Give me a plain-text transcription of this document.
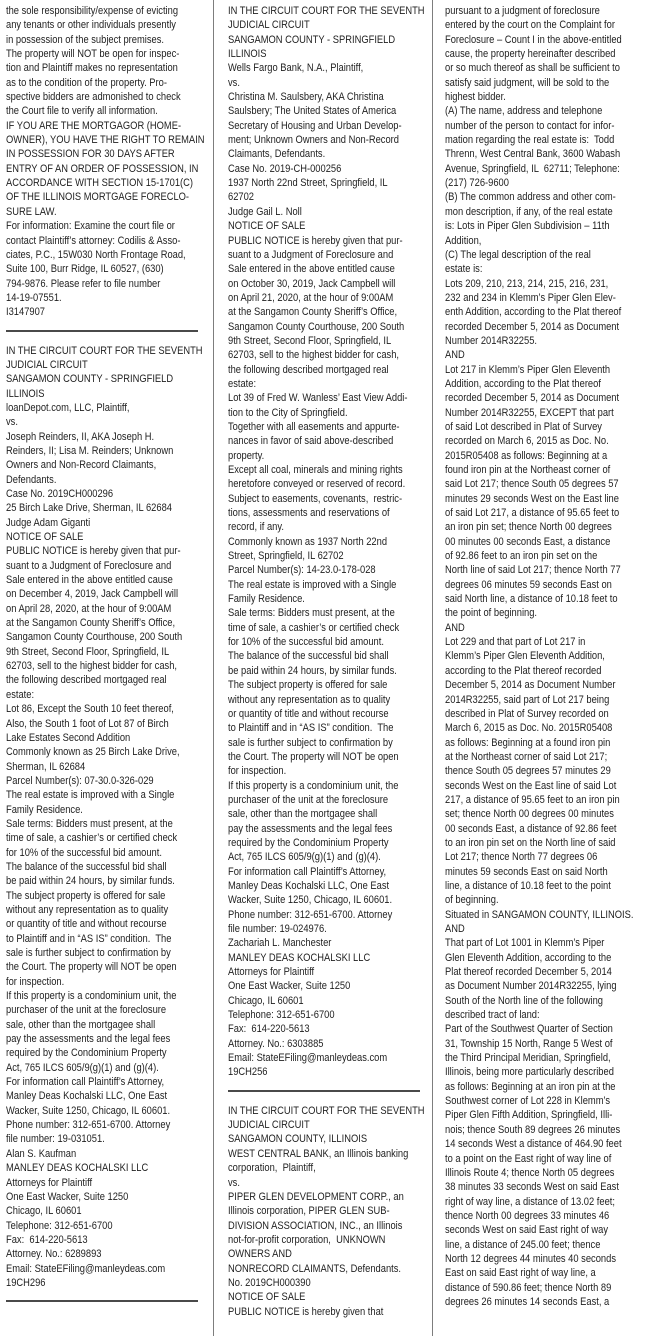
the sole responsibility/expense of evicting
any tenants or other individuals presently
in possession of the subject premises.
The property will NOT be open for inspec-
tion and Plaintiff makes no representation
as to the condition of the property. Pro-
spective bidders are admonished to check
the Court file to verify all information.
IF YOU ARE THE MORTGAGOR (HOME-
OWNER), YOU HAVE THE RIGHT TO REMAIN
IN POSSESSION FOR 30 DAYS AFTER
ENTRY OF AN ORDER OF POSSESSION, IN
ACCORDANCE WITH SECTION 15-1701(C)
OF THE ILLINOIS MORTGAGE FORECLO-
SURE LAW.
For information: Examine the court file or
contact Plaintiff’s attorney: Codilis & Asso-
ciates, P.C., 15W030 North Frontage Road,
Suite 100, Burr Ridge, IL 60527, (630)
794-9876. Please refer to file number
14-19-07551.
I3147907
IN THE CIRCUIT COURT FOR THE SEVENTH
JUDICIAL CIRCUIT
SANGAMON COUNTY - SPRINGFIELD
ILLINOIS
loanDepot.com, LLC, Plaintiff,
vs.
Joseph Reinders, II, AKA Joseph H.
Reinders, II; Lisa M. Reinders; Unknown
Owners and Non-Record Claimants,
Defendants.
Case No. 2019CH000296
25 Birch Lake Drive, Sherman, IL 62684
Judge Adam Giganti
NOTICE OF SALE
PUBLIC NOTICE is hereby given that pur-
suant to a Judgment of Foreclosure and
Sale entered in the above entitled cause
on December 4, 2019, Jack Campbell will
on April 28, 2020, at the hour of 9:00AM
at the Sangamon County Sheriff’s Office,
Sangamon County Courthouse, 200 South
9th Street, Second Floor, Springfield, IL
62703, sell to the highest bidder for cash,
the following described mortgaged real
estate:
Lot 86, Except the South 10 feet thereof,
Also, the South 1 foot of Lot 87 of Birch
Lake Estates Second Addition
Commonly known as 25 Birch Lake Drive,
Sherman, IL 62684
Parcel Number(s): 07-30.0-326-029
The real estate is improved with a Single
Family Residence.
Sale terms: Bidders must present, at the
time of sale, a cashier’s or certified check
for 10% of the successful bid amount.
The balance of the successful bid shall
be paid within 24 hours, by similar funds.
The subject property is offered for sale
without any representation as to quality
or quantity of title and without recourse
to Plaintiff and in “AS IS” condition.  The
sale is further subject to confirmation by
the Court. The property will NOT be open
for inspection.
If this property is a condominium unit, the
purchaser of the unit at the foreclosure
sale, other than the mortgagee shall
pay the assessments and the legal fees
required by the Condominium Property
Act, 765 ILCS 605/9(g)(1) and (g)(4).
For information call Plaintiff’s Attorney,
Manley Deas Kochalski LLC, One East
Wacker, Suite 1250, Chicago, IL 60601.
Phone number: 312-651-6700. Attorney
file number: 19-031051.
Alan S. Kaufman
MANLEY DEAS KOCHALSKI LLC
Attorneys for Plaintiff
One East Wacker, Suite 1250
Chicago, IL 60601
Telephone: 312-651-6700
Fax:  614-220-5613
Attorney. No.: 6289893
Email: StateEFiling@manleydeas.com
19CH296
IN THE CIRCUIT COURT FOR THE SEVENTH
JUDICIAL CIRCUIT
SANGAMON COUNTY - SPRINGFIELD
ILLINOIS
Wells Fargo Bank, N.A., Plaintiff,
vs.
Christina M. Saulsbery, AKA Christina
Saulsbery; The United States of America
Secretary of Housing and Urban Develop-
ment; Unknown Owners and Non-Record
Claimants, Defendants.
Case No. 2019-CH-000256
1937 North 22nd Street, Springfield, IL
62702
Judge Gail L. Noll
NOTICE OF SALE
PUBLIC NOTICE is hereby given that pur-
suant to a Judgment of Foreclosure and
Sale entered in the above entitled cause
on October 30, 2019, Jack Campbell will
on April 21, 2020, at the hour of 9:00AM
at the Sangamon County Sheriff’s Office,
Sangamon County Courthouse, 200 South
9th Street, Second Floor, Springfield, IL
62703, sell to the highest bidder for cash,
the following described mortgaged real
estate:
Lot 39 of Fred W. Wanless’ East View Addi-
tion to the City of Springfield.
Together with all easements and appurte-
nances in favor of said above-described
property.
Except all coal, minerals and mining rights
heretofore conveyed or reserved of record.
Subject to easements, covenants,  restric-
tions, assessments and reservations of
record, if any.
Commonly known as 1937 North 22nd
Street, Springfield, IL 62702
Parcel Number(s): 14-23.0-178-028
The real estate is improved with a Single
Family Residence.
Sale terms: Bidders must present, at the
time of sale, a cashier’s or certified check
for 10% of the successful bid amount.
The balance of the successful bid shall
be paid within 24 hours, by similar funds.
The subject property is offered for sale
without any representation as to quality
or quantity of title and without recourse
to Plaintiff and in “AS IS” condition.  The
sale is further subject to confirmation by
the Court. The property will NOT be open
for inspection.
If this property is a condominium unit, the
purchaser of the unit at the foreclosure
sale, other than the mortgagee shall
pay the assessments and the legal fees
required by the Condominium Property
Act, 765 ILCS 605/9(g)(1) and (g)(4).
For information call Plaintiff’s Attorney,
Manley Deas Kochalski LLC, One East
Wacker, Suite 1250, Chicago, IL 60601.
Phone number: 312-651-6700. Attorney
file number: 19-024976.
Zachariah L. Manchester
MANLEY DEAS KOCHALSKI LLC
Attorneys for Plaintiff
One East Wacker, Suite 1250
Chicago, IL 60601
Telephone: 312-651-6700
Fax:  614-220-5613
Attorney. No.: 6303885
Email: StateEFiling@manleydeas.com
19CH256
IN THE CIRCUIT COURT FOR THE SEVENTH
JUDICIAL CIRCUIT
SANGAMON COUNTY, ILLINOIS
WEST CENTRAL BANK, an Illinois banking
corporation,  Plaintiff,
vs.
PIPER GLEN DEVELOPMENT CORP., an
Illinois corporation, PIPER GLEN SUB-
DIVISION ASSOCIATION, INC., an Illinois
not-for-profit corporation,  UNKNOWN
OWNERS AND
NONRECORD CLAIMANTS, Defendants.
No. 2019CH000390
NOTICE OF SALE
PUBLIC NOTICE is hereby given that
pursuant to a judgment of foreclosure
entered by the court on the Complaint for
Foreclosure – Count I in the above-entitled
cause, the property hereinafter described
or so much thereof as shall be sufficient to
satisfy said judgment, will be sold to the
highest bidder.
(A) The name, address and telephone
number of the person to contact for infor-
mation regarding the real estate is:  Todd
Threnn, West Central Bank, 3600 Wabash
Avenue, Springfield, IL  62711; Telephone:
(217) 726-9600
(B) The common address and other com-
mon description, if any, of the real estate
is: Lots in Piper Glen Subdivision – 11th
Addition,
(C) The legal description of the real
estate is:
Lots 209, 210, 213, 214, 215, 216, 231,
232 and 234 in Klemm’s Piper Glen Elev-
enth Addition, according to the Plat thereof
recorded December 5, 2014 as Document
Number 2014R32255.
AND
Lot 217 in Klemm’s Piper Glen Eleventh
Addition, according to the Plat thereof
recorded December 5, 2014 as Document
Number 2014R32255, EXCEPT that part
of said Lot described in Plat of Survey
recorded on March 6, 2015 as Doc. No.
2015R05408 as follows: Beginning at a
found iron pin at the Northeast corner of
said Lot 217; thence South 05 degrees 57
minutes 29 seconds West on the East line
of said Lot 217, a distance of 95.65 feet to
an iron pin set; thence North 00 degrees
00 minutes 00 seconds East, a distance
of 92.86 feet to an iron pin set on the
North line of said Lot 217; thence North 77
degrees 06 minutes 59 seconds East on
said North line, a distance of 10.18 feet to
the point of beginning.
AND
Lot 229 and that part of Lot 217 in
Klemm’s Piper Glen Eleventh Addition,
according to the Plat thereof recorded
December 5, 2014 as Document Number
2014R32255, said part of Lot 217 being
described in Plat of Survey recorded on
March 6, 2015 as Doc. No. 2015R05408
as follows: Beginning at a found iron pin
at the Northeast corner of said Lot 217;
thence South 05 degrees 57 minutes 29
seconds West on the East line of said Lot
217, a distance of 95.65 feet to an iron pin
set; thence North 00 degrees 00 minutes
00 seconds East, a distance of 92.86 feet
to an iron pin set on the North line of said
Lot 217; thence North 77 degrees 06
minutes 59 seconds East on said North
line, a distance of 10.18 feet to the point
of beginning.
Situated in SANGAMON COUNTY, ILLINOIS.
AND
That part of Lot 1001 in Klemm’s Piper
Glen Eleventh Addition, according to the
Plat thereof recorded December 5, 2014
as Document Number 2014R32255, lying
South of the North line of the following
described tract of land:
Part of the Southwest Quarter of Section
31, Township 15 North, Range 5 West of
the Third Principal Meridian, Springfield,
Illinois, being more particularly described
as follows: Beginning at an iron pin at the
Southwest corner of Lot 228 in Klemm’s
Piper Glen Fifth Addition, Springfield, Illi-
nois; thence South 89 degrees 26 minutes
14 seconds West a distance of 464.90 feet
to a point on the East right of way line of
Illinois Route 4; thence North 05 degrees
38 minutes 33 seconds West on said East
right of way line, a distance of 13.02 feet;
thence North 00 degrees 33 minutes 46
seconds West on said East right of way
line, a distance of 245.00 feet; thence
North 12 degrees 44 minutes 40 seconds
East on said East right of way line, a
distance of 590.86 feet; thence North 89
degrees 26 minutes 14 seconds East, a
